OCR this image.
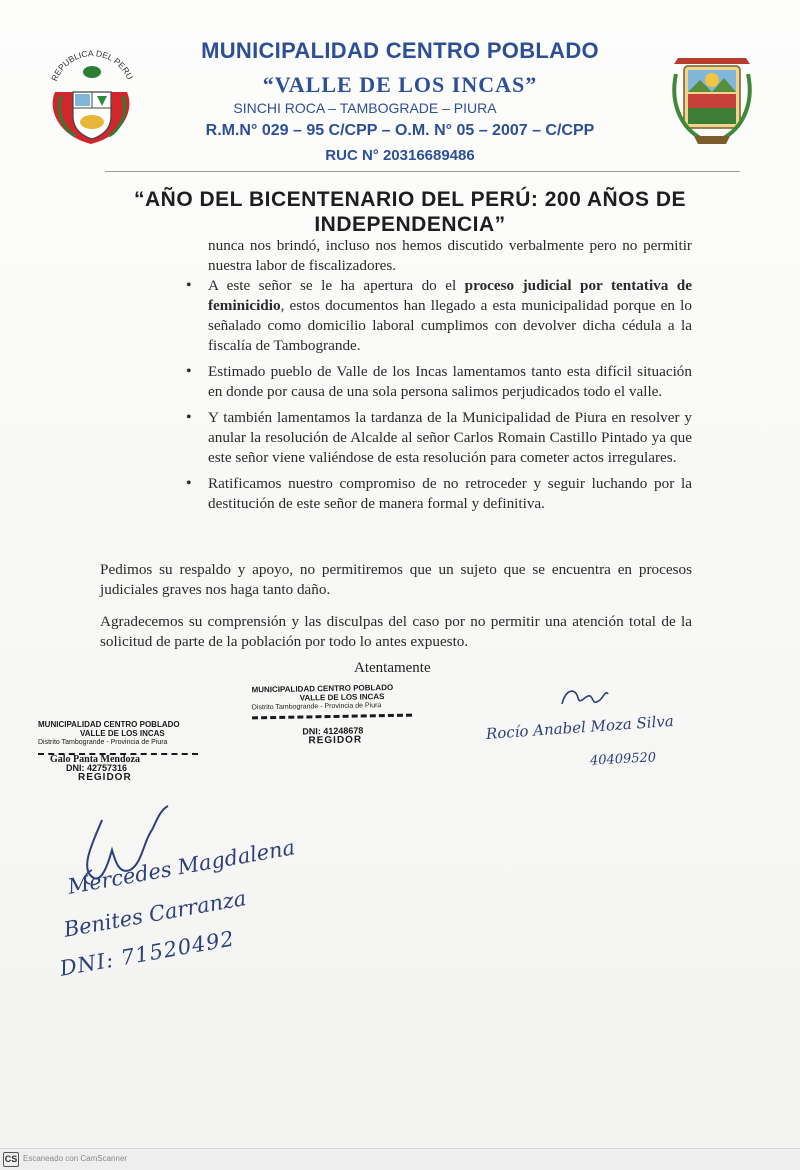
REPUBLICA DEL PERU
MUNICIPALIDAD CENTRO POBLADO
“VALLE DE LOS INCAS”
SINCHI ROCA – TAMBOGRADE – PIURA
R.M.N° 029 – 95 C/CPP – O.M. N° 05 – 2007 – C/CPP
RUC N° 20316689486
“AÑO DEL BICENTENARIO DEL PERÚ: 200 AÑOS DE INDEPENDENCIA”
nunca nos brindó, incluso nos hemos discutido verbalmente pero no permitir nuestra labor de fiscalizadores.
• A este señor se le ha apertura do el proceso judicial por tentativa de feminicidio, estos documentos han llegado a esta municipalidad porque en lo señalado como domicilio laboral cumplimos con devolver dicha cédula a la fiscalía de Tambogrande.
• Estimado pueblo de Valle de los Incas lamentamos tanto esta difícil situación en donde por causa de una sola persona salimos perjudicados todo el valle.
• Y también lamentamos la tardanza de la Municipalidad de Piura en resolver y anular la resolución de Alcalde al señor Carlos Romain Castillo Pintado ya que este señor viene valiéndose de esta resolución para cometer actos irregulares.
• Ratificamos nuestro compromiso de no retroceder y seguir luchando por la destitución de este señor de manera formal y definitiva.
Pedimos su respaldo y apoyo, no permitiremos que un sujeto que se encuentra en procesos judiciales graves nos haga tanto daño.
Agradecemos su comprensión y las disculpas del caso por no permitir una atención total de la solicitud de parte de la población por todo lo antes expuesto.
Atentamente
MUNICIPALIDAD CENTRO POBLADO
VALLE DE LOS INCAS
Distrito Tambogrande - Provincia de Piura
DNI: 41248678
REGIDOR
MUNICIPALIDAD CENTRO POBLADO
VALLE DE LOS INCAS
Distrito Tambogrande - Provincia de Piura
Galo Panta Mendoza
DNI: 42757316
REGIDOR
Rocío Anabel Moza Silva
40409520
Mercedes Magdalena
Benites Carranza
DNI: 71520492
CS Escaneado con CamScanner
